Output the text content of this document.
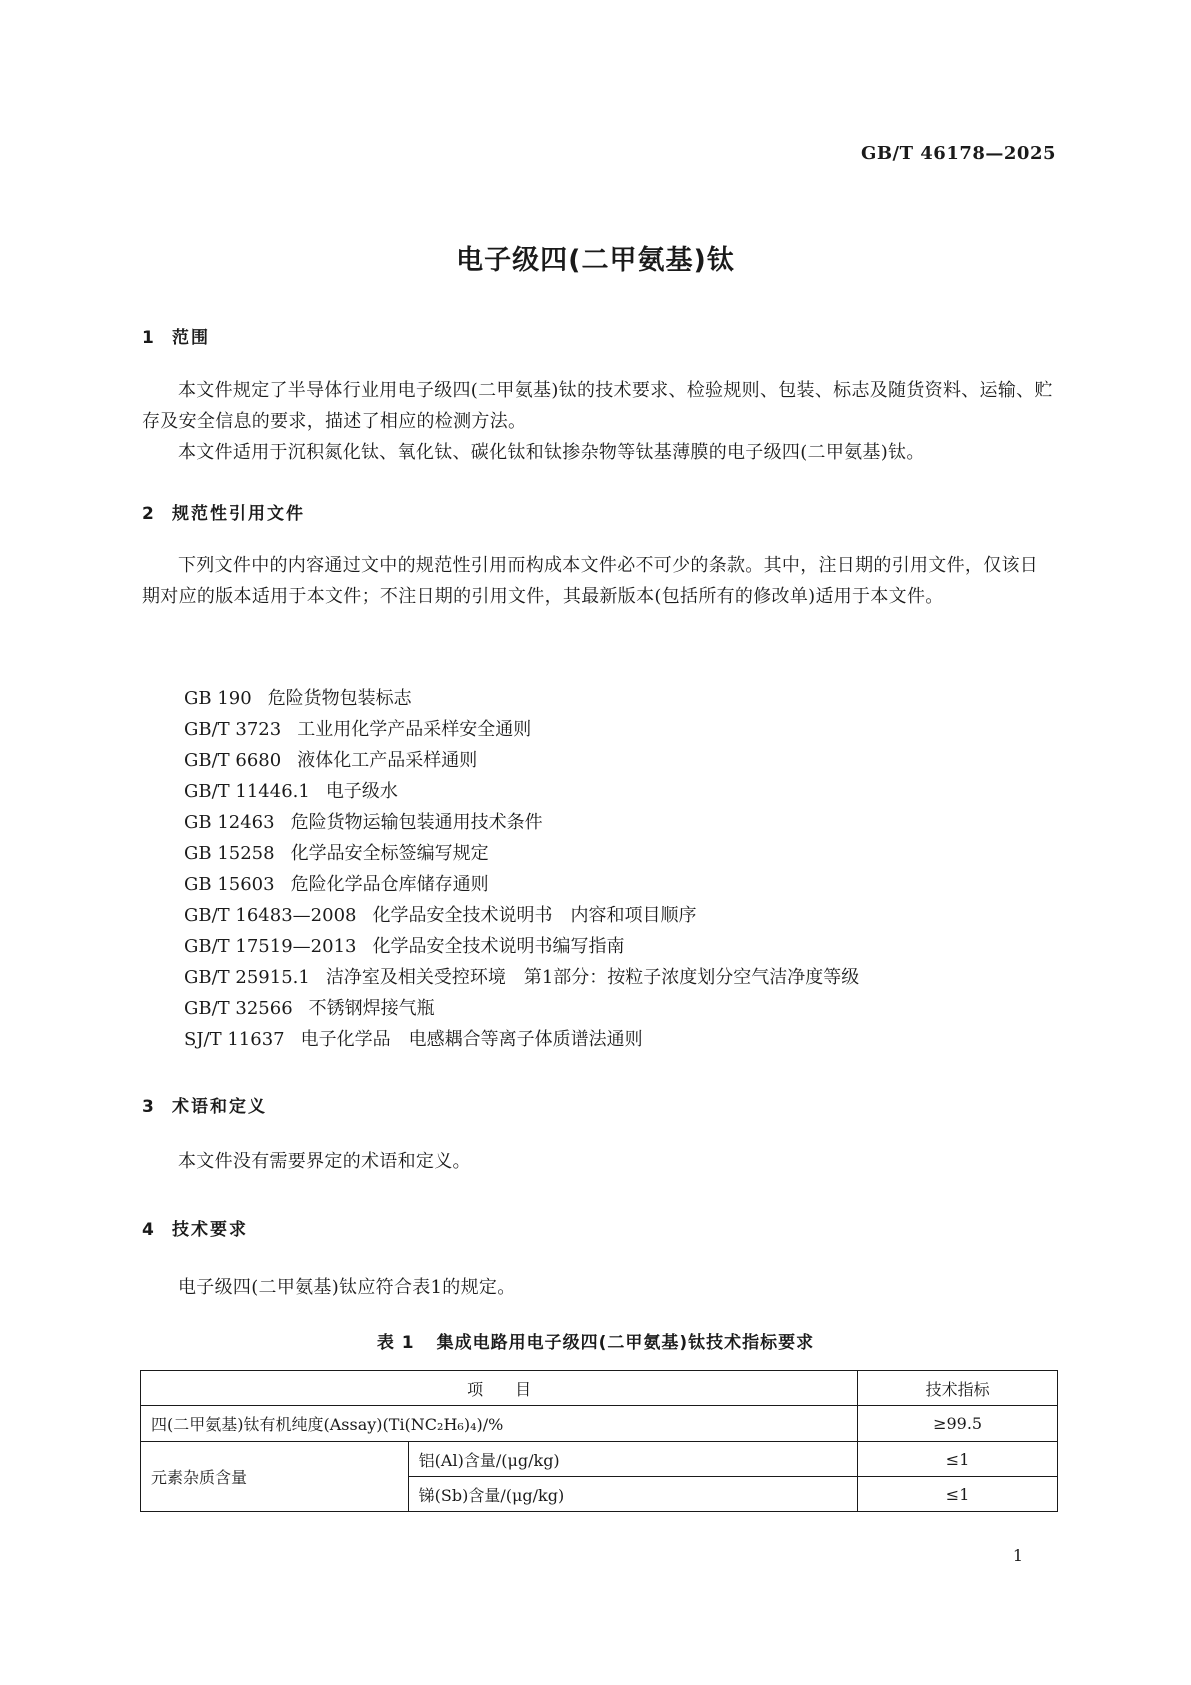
GB/T 46178—2025
电子级四(二甲氨基)钛
1 范围

本文件规定了半导体行业用电子级四(二甲氨基)钛的技术要求、检验规则、包装、标志及随货资料、运输、贮存及安全信息的要求，描述了相应的检测方法。

本文件适用于沉积氮化钛、氧化钛、碳化钛和钛掺杂物等钛基薄膜的电子级四(二甲氨基)钛。

2 规范性引用文件

下列文件中的内容通过文中的规范性引用而构成本文件必不可少的条款。其中，注日期的引用文件，仅该日期对应的版本适用于本文件；不注日期的引用文件，其最新版本(包括所有的修改单)适用于本文件。

GB 190 危险货物包装标志
GB/T 3723 工业用化学产品采样安全通则
GB/T 6680 液体化工产品采样通则
GB/T 11446.1 电子级水
GB 12463 危险货物运输包装通用技术条件
GB 15258 化学品安全标签编写规定
GB 15603 危险化学品仓库储存通则
GB/T 16483—2008 化学品安全技术说明书　内容和项目顺序
GB/T 17519—2013 化学品安全技术说明书编写指南
GB/T 25915.1 洁净室及相关受控环境　第1部分：按粒子浓度划分空气洁净度等级
GB/T 32566 不锈钢焊接气瓶
SJ/T 11637 电子化学品　电感耦合等离子体质谱法通则
3 术语和定义

本文件没有需要界定的术语和定义。

4 技术要求

电子级四(二甲氨基)钛应符合表1的规定。

表 1 集成电路用电子级四(二甲氨基)钛技术指标要求
项　　目		技术指标
四(二甲氨基)钛有机纯度(Assay)(Ti(NC₂H₆)₄)/%		≥99.5
元素杂质含量	铝(Al)含量/(μg/kg)	≤1
	锑(Sb)含量/(μg/kg)	≤1
1
